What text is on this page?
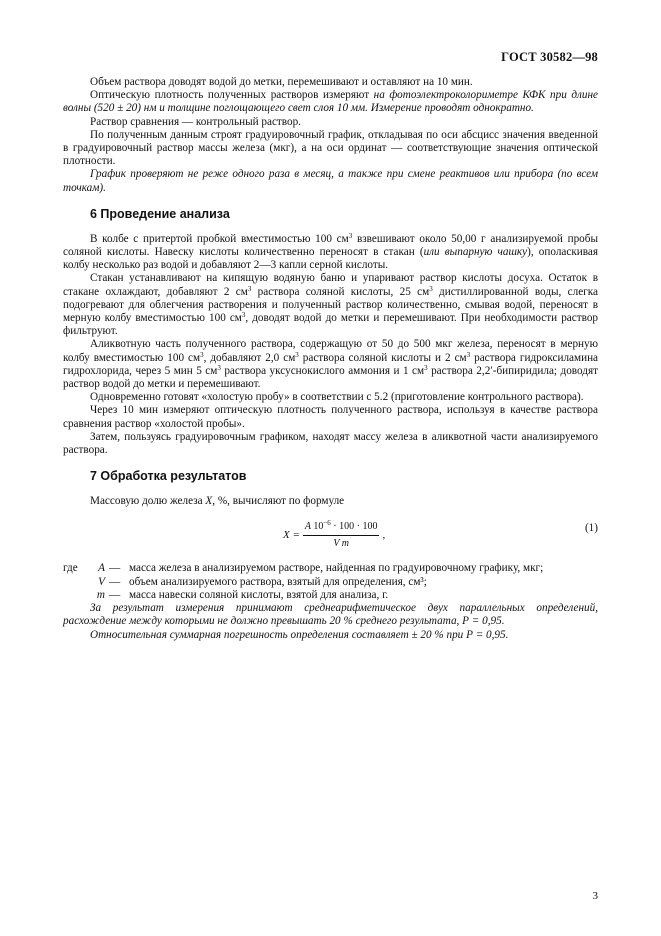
ГОСТ 30582—98

Объем раствора доводят водой до метки, перемешивают и оставляют на 10 мин.

Оптическую плотность полученных растворов измеряют на фотоэлектроколориметре КФК при длине волны (520 ± 20) нм и толщине поглощающего свет слоя 10 мм. Измерение проводят однократно.

Раствор сравнения — контрольный раствор.

По полученным данным строят градуировочный график, откладывая по оси абсцисс значения введенной в градуировочный раствор массы железа (мкг), а на оси ординат — соответствующие значения оптической плотности.

График проверяют не реже одного раза в месяц, а также при смене реактивов или прибора (по всем точкам).

6 Проведение анализа

В колбе с притертой пробкой вместимостью 100 $см^3$ взвешивают около 50,00 г анализируемой пробы соляной кислоты. Навеску кислоты количественно переносят в стакан (или выпарную чашку), ополаскивая колбу несколько раз водой и добавляют 2—3 капли серной кислоты.

Стакан устанавливают на кипящую водяную баню и упаривают раствор кислоты досуха. Остаток в стакане охлаждают, добавляют 2 $см^3$ раствора соляной кислоты, 25 $см^3$ дистиллированной воды, слегка подогревают для облегчения растворения и полученный раствор количественно, смывая водой, переносят в мерную колбу вместимостью 100 $см^3$, доводят водой до метки и перемешивают. При необходимости раствор фильтруют.

Аликвотную часть полученного раствора, содержащую от 50 до 500 мкг железа, переносят в мерную колбу вместимостью 100 $см^3$, добавляют 2,0 $см^3$ раствора соляной кислоты и 2 $см^3$ раствора гидроксиламина гидрохлорида, через 5 мин 5 $см^3$ раствора уксуснокислого аммония и 1 $см^3$ раствора 2,2′-бипиридила; доводят раствор водой до метки и перемешивают.

Одновременно готовят «холостую пробу» в соответствии с 5.2 (приготовление контрольного раствора).

Через 10 мин измеряют оптическую плотность полученного раствора, используя в качестве раствора сравнения раствор «холостой пробы».

Затем, пользуясь градуировочным графиком, находят массу железа в аликвотной части анализируемого раствора.

7 Обработка результатов

Массовую долю железа X, %, вычисляют по формуле

$X = \frac{A 10^{-6} \cdot 100 \cdot 100}{\text{V m}}$ ,
(1)
где	A	—	масса железа в анализируемом растворе, найденная по градуировочному графику, мкг;
	V	—	объем анализируемого раствора, взятый для определения, см³;
	m	—	масса навески соляной кислоты, взятой для анализа, г.

За результат измерения принимают среднеарифметическое двух параллельных определений, расхождение между которыми не должно превышать 20 % среднего результата, Р = 0,95.

Относительная суммарная погрешность определения составляет ± 20 % при Р = 0,95.

3
